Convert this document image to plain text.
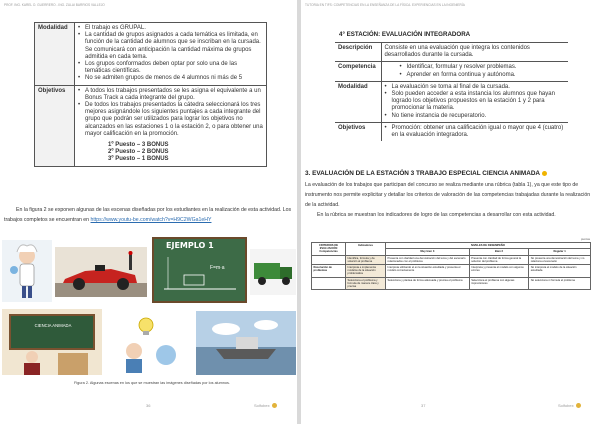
PROF. ING. KAREL O. GUERRERO - ING. ZULAI BARRIOS VALLEJO
Modalidad	• El trabajo es GRUPAL.
• La cantidad de grupos asignados a cada temática es limitada, en función de la cantidad de alumnos que se inscriban en la cursada. Se comunicará con anticipación la cantidad máxima de grupos admitida en cada tema.
• Los grupos conformados deben optar por solo una de las temáticas científicas.
• No se admiten grupos de menos de 4 alumnos ni más de 5

Objetivos	• A todos los trabajos presentados se les asigna el equivalente a un Bonus Track a cada integrante del grupo.
• De todos los trabajos presentados la cátedra seleccionará los tres mejores asignándole los siguientes puntajes a cada integrante del grupo que podrán ser utilizados para lograr los objetivos no alcanzados en las estaciones 1 o la estación 2, o para obtener una mayor calificación en la promoción.
1º Puesto – 3 BONUS
2º Puesto – 2 BONUS
3º Puesto – 1 BONUS
En la figura 2 se exponen algunas de las escenas diseñadas por los estudiantes en la realización de esta actividad. Los trabajos completos se encuentran en https://www.youtu-be.com/watch?v=H9C2WGa1eHY
EJEMPLO 1
F=m·a
CIENCIA ANIMADA
Figura 2. Algunas escenas en los que se muestran las imágenes diseñadas por los alumnos.
36	Solfobex
TUTORIA EN TIFS: COMPETENCIAS EN LA ENSEÑANZA DE LA FÍSICA. EXPERIENCIAS EN LA INGENIERÍA
4° ESTACIÓN: EVALUACIÓN INTEGRADORA
Descripción	Consiste en una evaluación que integra los contenidos desarrollados durante la cursada.
Competencia	• Identificar, formular y resolver problemas.
• Aprender en forma continua y autónoma.

Modalidad	• La evaluación se toma al final de la cursada.
• Solo pueden acceder a esta instancia los alumnos que hayan logrado los objetivos propuestos en la estación 1 y 2 para promocionar la materia.
• No tiene instancia de recuperatorio.

Objetivos	• Promoción: obtener una calificación igual o mayor que 4 (cuatro) en la evaluación integradora.
3. EVALUACIÓN DE LA ESTACIÓN 3 TRABAJO ESPECIAL CIENCIA ANIMADA
La evaluación de los trabajos que participan del concurso se realiza mediante una rúbrica (tabla 1), ya que este tipo de instrumento nos permite explicitar y detallar los criterios de valoración de las competencias trabajadas durante la realización de la actividad.
En la rúbrica se muestran los indicadores de logro de las competencias a desarrollar con esta actividad.
puntos
CRITERIOS DE EVALUACIÓN Competencias	Indicadores	NIVELES DE DESEMPEÑO		
		Muy bien 3	Bien 2	Regular 1
	Identifica, formula y da solución al problema	Presenta con claridad una demostración del tema y del escenario relacionados con el problema	Presenta con claridad de forma general la solución del problema	No presenta una demostración del tema y no relaciona el escenario
Resolución de problemas	Interpreta e implementa modelos de la situación problemática	Interpreta utilizando el en la situación estudiada y presenta el modelo correctamente	Interpreta y presenta el modelo con algunos errores	No interpreta el modelo de la situación estudiada
	Selecciona el problema y formula de manera clara y precisa	Selecciona y plantea de forma adecuada y precisa el problema	Selecciona el problema con algunas imprecisiones	No selecciona ni formula el problema
37	Solfobex
